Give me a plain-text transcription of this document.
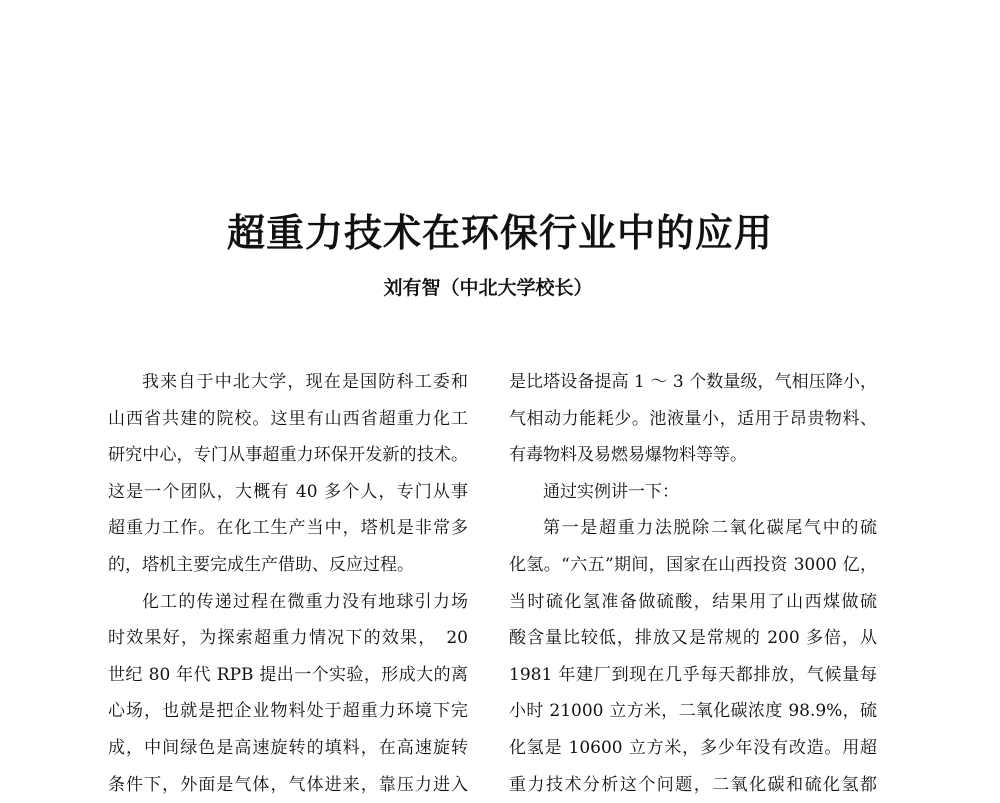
超重力技术在环保行业中的应用
刘有智（中北大学校长）
我来自于中北大学，现在是国防科工委和
山西省共建的院校。这里有山西省超重力化工
研究中心，专门从事超重力环保开发新的技术。
这是一个团队，大概有 40 多个人，专门从事
超重力工作。在化工生产当中，塔机是非常多
的，塔机主要完成生产借助、反应过程。
化工的传递过程在微重力没有地球引力场
时效果好，为探索超重力情况下的效果，　20
世纪 80 年代 RPB 提出一个实验，形成大的离
心场，也就是把企业物料处于超重力环境下完
成，中间绿色是高速旋转的填料，在高速旋转
条件下，外面是气体，气体进来，靠压力进入
是比塔设备提高 1 ～ 3 个数量级，气相压降小，
气相动力能耗少。池液量小，适用于昂贵物料、
有毒物料及易燃易爆物料等等。
通过实例讲一下：
第一是超重力法脱除二氧化碳尾气中的硫
化氢。“六五”期间，国家在山西投资 3000 亿，
当时硫化氢准备做硫酸，结果用了山西煤做硫
酸含量比较低，排放又是常规的 200 多倍，从
1981 年建厂到现在几乎每天都排放，气候量每
小时 21000 立方米，二氧化碳浓度 98.9%，硫
化氢是 10600 立方米，多少年没有改造。用超
重力技术分析这个问题，二氧化碳和硫化氢都
